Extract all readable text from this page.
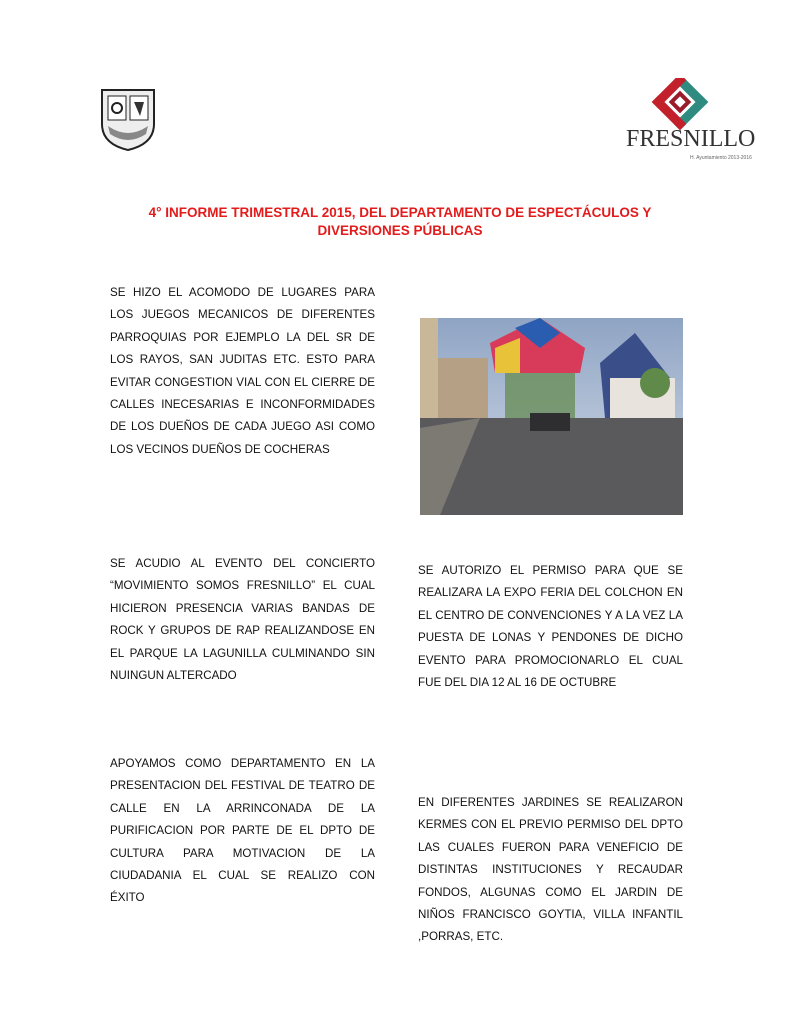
FRESNILLO
H. Ayuntamiento 2013-2016
4° INFORME TRIMESTRAL 2015, DEL DEPARTAMENTO DE ESPECTÁCULOS Y
DIVERSIONES PÚBLICAS
SE HIZO EL ACOMODO DE LUGARES PARA
LOS JUEGOS MECANICOS DE DIFERENTES
PARROQUIAS POR EJEMPLO LA DEL SR DE
LOS RAYOS, SAN JUDITAS ETC. ESTO PARA
EVITAR CONGESTION VIAL CON EL CIERRE DE
CALLES INECESARIAS E INCONFORMIDADES
DE LOS DUEÑOS DE CADA JUEGO ASI COMO
LOS VECINOS DUEÑOS DE COCHERAS
SE ACUDIO AL EVENTO DEL CONCIERTO
“MOVIMIENTO SOMOS FRESNILLO” EL CUAL
HICIERON PRESENCIA VARIAS BANDAS DE
ROCK Y GRUPOS DE RAP REALIZANDOSE EN
EL PARQUE LA LAGUNILLA CULMINANDO SIN
NUINGUN ALTERCADO
SE AUTORIZO EL PERMISO PARA QUE SE
REALIZARA LA EXPO FERIA DEL COLCHON EN
EL CENTRO DE CONVENCIONES Y A LA VEZ LA
PUESTA DE LONAS Y PENDONES DE DICHO
EVENTO PARA PROMOCIONARLO EL CUAL
FUE DEL DIA 12 AL 16 DE OCTUBRE
APOYAMOS COMO DEPARTAMENTO EN LA
PRESENTACION DEL FESTIVAL DE TEATRO DE
CALLE EN LA ARRINCONADA DE LA
PURIFICACION POR PARTE DE EL DPTO DE
CULTURA PARA MOTIVACION DE LA
CIUDADANIA EL CUAL SE REALIZO CON
ÉXITO
EN DIFERENTES JARDINES SE REALIZARON
KERMES CON EL PREVIO PERMISO DEL DPTO
LAS CUALES FUERON PARA VENEFICIO DE
DISTINTAS INSTITUCIONES Y RECAUDAR
FONDOS, ALGUNAS COMO EL JARDIN DE
NIÑOS FRANCISCO GOYTIA, VILLA INFANTIL
,PORRAS, ETC.
